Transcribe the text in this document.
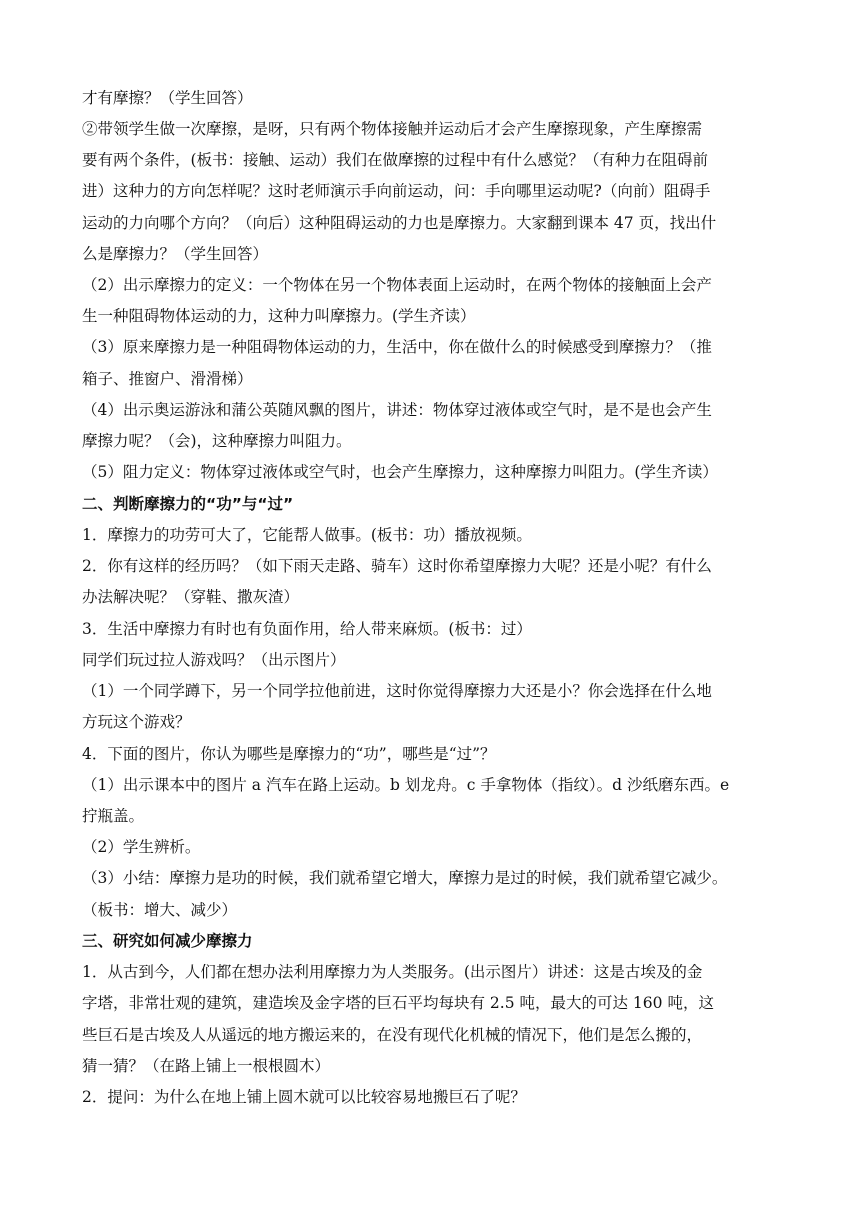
才有摩擦？（学生回答）
②带领学生做一次摩擦，是呀，只有两个物体接触并运动后才会产生摩擦现象，产生摩擦需
要有两个条件，(板书：接触、运动）我们在做摩擦的过程中有什么感觉？（有种力在阻碍前
进）这种力的方向怎样呢？这时老师演示手向前运动，问：手向哪里运动呢?（向前）阻碍手
运动的力向哪个方向？（向后）这种阻碍运动的力也是摩擦力。大家翻到课本 47 页，找出什
么是摩擦力？（学生回答）
（2）出示摩擦力的定义：一个物体在另一个物体表面上运动时，在两个物体的接触面上会产
生一种阻碍物体运动的力，这种力叫摩擦力。(学生齐读）
（3）原来摩擦力是一种阻碍物体运动的力，生活中，你在做什么的时候感受到摩擦力？（推
箱子、推窗户、滑滑梯）
（4）出示奥运游泳和蒲公英随风飘的图片，讲述：物体穿过液体或空气时，是不是也会产生
摩擦力呢？（会)，这种摩擦力叫阻力。
（5）阻力定义：物体穿过液体或空气时，也会产生摩擦力，这种摩擦力叫阻力。(学生齐读）
二、判断摩擦力的“功”与“过”
1．摩擦力的功劳可大了，它能帮人做事。(板书：功）播放视频。
2．你有这样的经历吗？（如下雨天走路、骑车）这时你希望摩擦力大呢？还是小呢？有什么
办法解决呢？（穿鞋、撒灰渣）
3．生活中摩擦力有时也有负面作用，给人带来麻烦。(板书：过）
同学们玩过拉人游戏吗？（出示图片）
（1）一个同学蹲下，另一个同学拉他前进，这时你觉得摩擦力大还是小？你会选择在什么地
方玩这个游戏？
4．下面的图片，你认为哪些是摩擦力的“功”，哪些是“过”？
（1）出示课本中的图片 a 汽车在路上运动。b 划龙舟。c 手拿物体（指纹）。d 沙纸磨东西。e
拧瓶盖。
（2）学生辨析。
（3）小结：摩擦力是功的时候，我们就希望它增大，摩擦力是过的时候，我们就希望它减少。
（板书：增大、减少）
三、研究如何减少摩擦力
1．从古到今，人们都在想办法利用摩擦力为人类服务。(出示图片）讲述：这是古埃及的金
字塔，非常壮观的建筑，建造埃及金字塔的巨石平均每块有 2.5 吨，最大的可达 160 吨，这
些巨石是古埃及人从遥远的地方搬运来的，在没有现代化机械的情况下，他们是怎么搬的，
猜一猜？（在路上铺上一根根圆木）
2．提问：为什么在地上铺上圆木就可以比较容易地搬巨石了呢？
